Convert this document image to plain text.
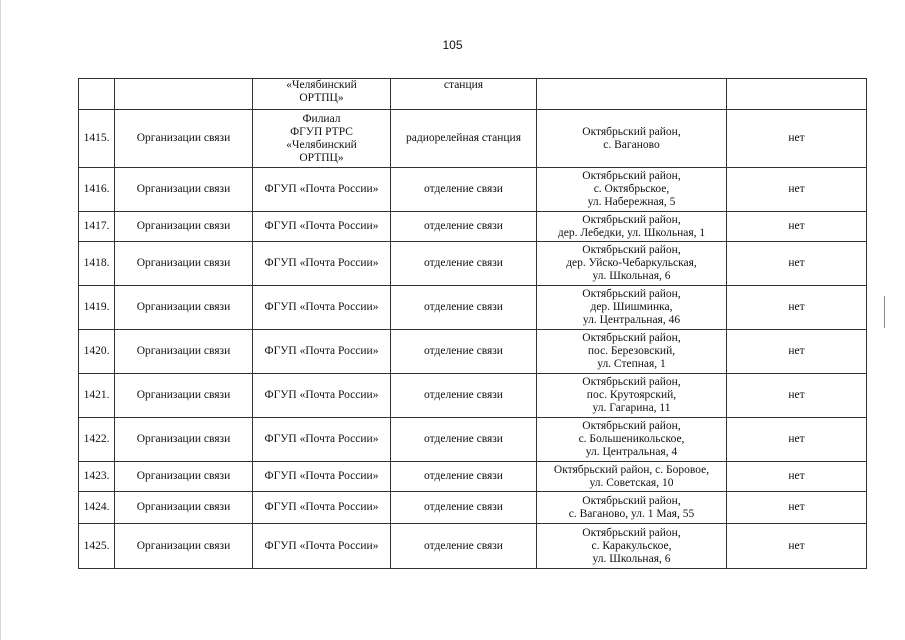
105
		«Челябинский
ОРТПЦ»	станция		
1415.	Организации связи	Филиал
ФГУП РТРС
«Челябинский
ОРТПЦ»	радиорелейная станция	Октябрьский район,
с. Ваганово	нет
1416.	Организации связи	ФГУП «Почта России»	отделение связи	Октябрьский район,
с. Октябрьское,
ул. Набережная, 5	нет
1417.	Организации связи	ФГУП «Почта России»	отделение связи	Октябрьский район,
дер. Лебедки, ул. Школьная, 1	нет
1418.	Организации связи	ФГУП «Почта России»	отделение связи	Октябрьский район,
дер. Уйско-Чебаркульская,
ул. Школьная, 6	нет
1419.	Организации связи	ФГУП «Почта России»	отделение связи	Октябрьский район,
дер. Шишминка,
ул. Центральная, 46	нет
1420.	Организации связи	ФГУП «Почта России»	отделение связи	Октябрьский район,
пос. Березовский,
ул. Степная, 1	нет
1421.	Организации связи	ФГУП «Почта России»	отделение связи	Октябрьский район,
пос. Крутоярский,
ул. Гагарина, 11	нет
1422.	Организации связи	ФГУП «Почта России»	отделение связи	Октябрьский район,
с. Большеникольское,
ул. Центральная, 4	нет
1423.	Организации связи	ФГУП «Почта России»	отделение связи	Октябрьский район, с. Боровое,
ул. Советская, 10	нет
1424.	Организации связи	ФГУП «Почта России»	отделение связи	Октябрьский район,
с. Ваганово, ул. 1 Мая, 55	нет
1425.	Организации связи	ФГУП «Почта России»	отделение связи	Октябрьский район,
с. Каракульское,
ул. Школьная, 6	нет
